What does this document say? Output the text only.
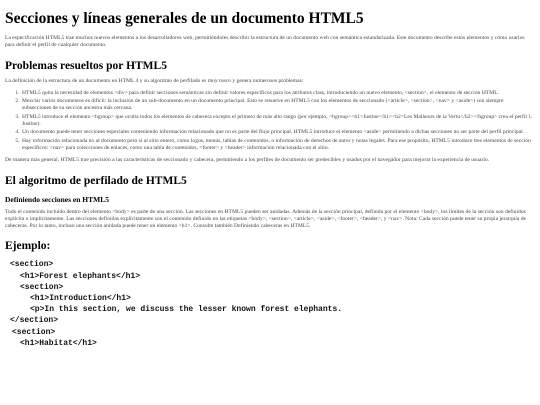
Secciones y líneas generales de un documento HTML5

La especificación HTML5 trae muchos nuevos elementos a los desarrolladores web, permitiéndoles describir la estructura de un documento web con semántica estandarizada. Este documento describe estos elementos y cómo usarlos para definir el perfil de cualquier documento.

Problemas resueltos por HTML5

La definición de la estructura de un documento en HTML 4 y su algoritmo de perfilado es muy tosco y genera numerosos problemas:

1. HTML5 quita la necesidad de elementos <div> para definir secciones semánticas sin definir valores específicos para los atributos class, introduciendo un nuevo elemento, <section>, el elemento de sección HTML.
2. Mezclar varios documentos es difícil: la inclusión de un sub-documento en un documento principal. Esto se resuelve en HTML5 con los elementos de seccionado (<article>, <section>, <nav> y <aside>) son siempre subsecciones de su sección ancestra más cercana.
3. HTML5 introduce el elemento <hgroup> que oculta todos los elementos de cabecera excepto el primero de más alto rango (por ejemplo, <hgroup><h1>Justine</h1><h2>Les Malheurs de la Vertu</h2></hgroup> crea el perfil 1. Justine).
4. Un documento puede tener secciones especiales conteniendo información relacionado que no es parte del flujo principal. HTML5 introduce el elemento <aside> permitiendo a dichas secciones no ser parte del perfil principal.
5. Hay información relacionada no al documento pero si al sitio entero, como logos, menús, tablas de contenidos, o información de derechos de autor y notas legales. Para ese propósito, HTML5 introduce tres elementos de sección específicos: <nav> para colecciones de enlaces, como una tabla de contenidos, <footer> y <header> información relacionada con el sitio.

De manera más general, HTML5 trae precisión a las características de seccionado y cabecera, permitiendo a los perfiles de documento ser predecibles y usados por el navegador para mejorar la experiencia de usuario.

El algoritmo de perfilado de HTML5
Definiendo secciones en HTML5

Todo el contenido incluido dentro del elemento <body> es parte de una sección. Las secciones en HTML5 pueden ser anidadas. Además de la sección principal, definida por el elemento <body>, los límites de la sección son definidos explícita o implícitamente. Las secciones definidas explícitamente son el contenido definido en las etiquetas <body>, <section>, <article>, <aside>, <footer>, <header>, y <nav>. Nota: Cada sección puede tener su propia jerarquía de cabeceras. Por lo tanto, incluso una sección anidada puede tener un elemento <h1>. Consulte también Definiendo cabeceras en HTML5.

Ejemplo:
<section>
<h1>Forest elephants</h1>
<section>
<h1>Introduction</h1>
<p>In this section, we discuss the lesser known forest elephants.
</section>
<section>
<h1>Habitat</h1>
